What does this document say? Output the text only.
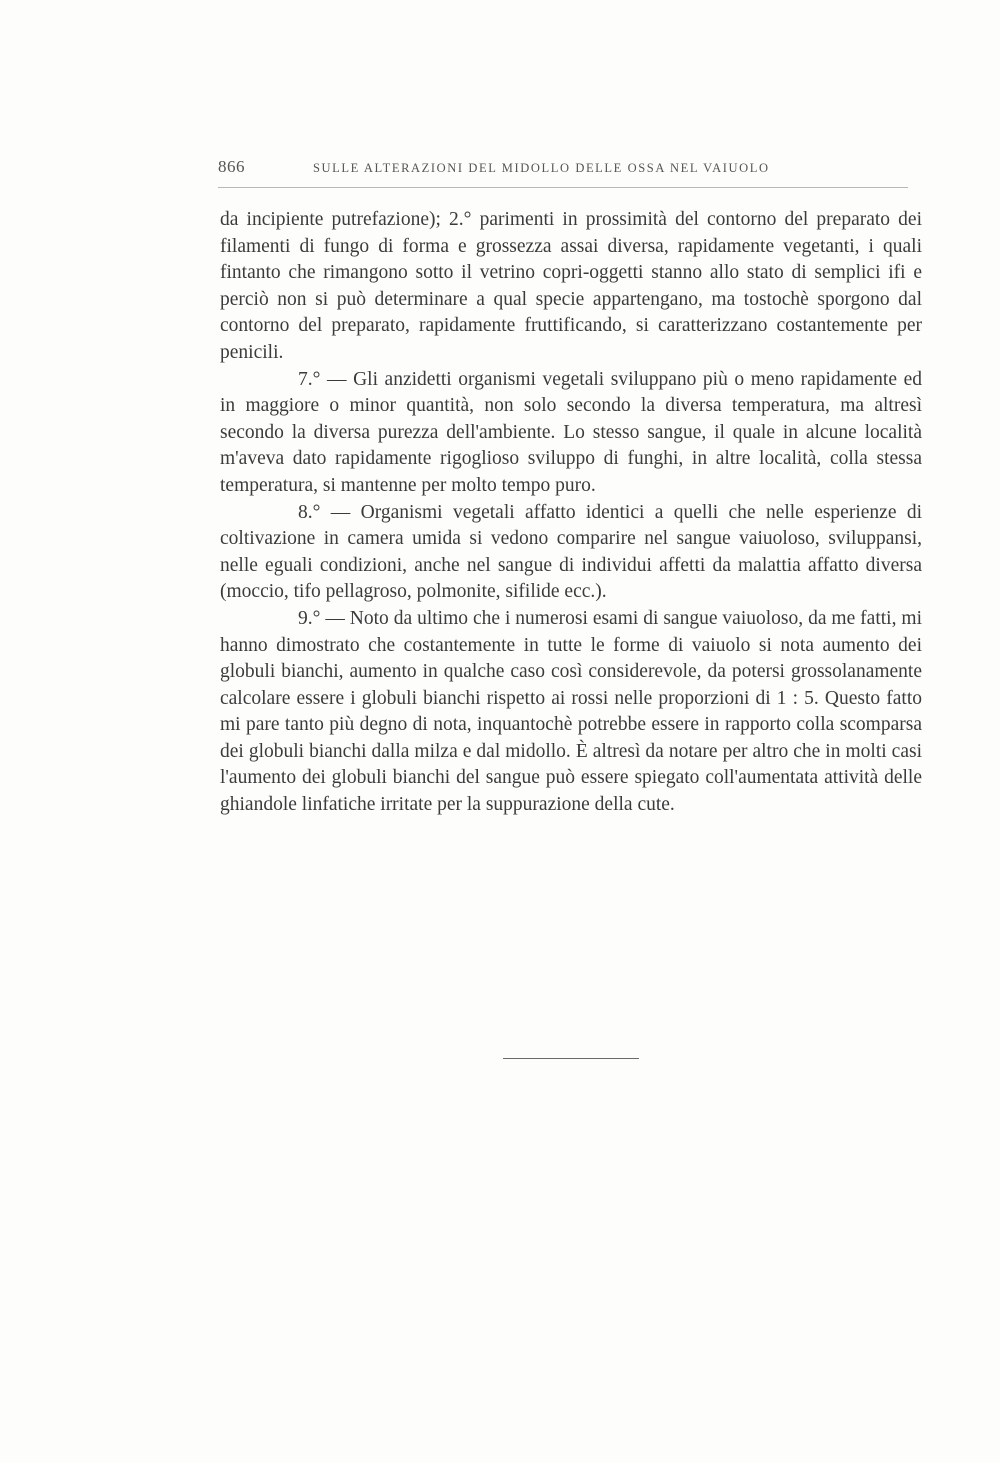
866	SULLE ALTERAZIONI DEL MIDOLLO DELLE OSSA NEL VAIUOLO

da incipiente putrefazione); 2.° parimenti in prossimità del contorno del preparato dei filamenti di fungo di forma e grossezza assai diversa, rapidamente vegetanti, i quali fintanto che rimangono sotto il vetrino copri-oggetti stanno allo stato di semplici ifi e perciò non si può determinare a qual specie appartengano, ma tostochè sporgono dal contorno del preparato, rapidamente fruttificando, si caratterizzano costantemente per penicili.

7.° — Gli anzidetti organismi vegetali sviluppano più o meno rapidamente ed in maggiore o minor quantità, non solo secondo la diversa temperatura, ma altresì secondo la diversa purezza dell'ambiente. Lo stesso sangue, il quale in alcune località m'aveva dato rapidamente rigoglioso sviluppo di funghi, in altre località, colla stessa temperatura, si mantenne per molto tempo puro.

8.° — Organismi vegetali affatto identici a quelli che nelle esperienze di coltivazione in camera umida si vedono comparire nel sangue vaiuoloso, sviluppansi, nelle eguali condizioni, anche nel sangue di individui affetti da malattia affatto diversa (moccio, tifo pellagroso, polmonite, sifilide ecc.).

9.° — Noto da ultimo che i numerosi esami di sangue vaiuoloso, da me fatti, mi hanno dimostrato che costantemente in tutte le forme di vaiuolo si nota aumento dei globuli bianchi, aumento in qualche caso così considerevole, da potersi grossolanamente calcolare essere i globuli bianchi rispetto ai rossi nelle proporzioni di 1 : 5. Questo fatto mi pare tanto più degno di nota, inquantochè potrebbe essere in rapporto colla scomparsa dei globuli bianchi dalla milza e dal midollo. È altresì da notare per altro che in molti casi l'aumento dei globuli bianchi del sangue può essere spiegato coll'aumentata attività delle ghiandole linfatiche irritate per la suppurazione della cute.
